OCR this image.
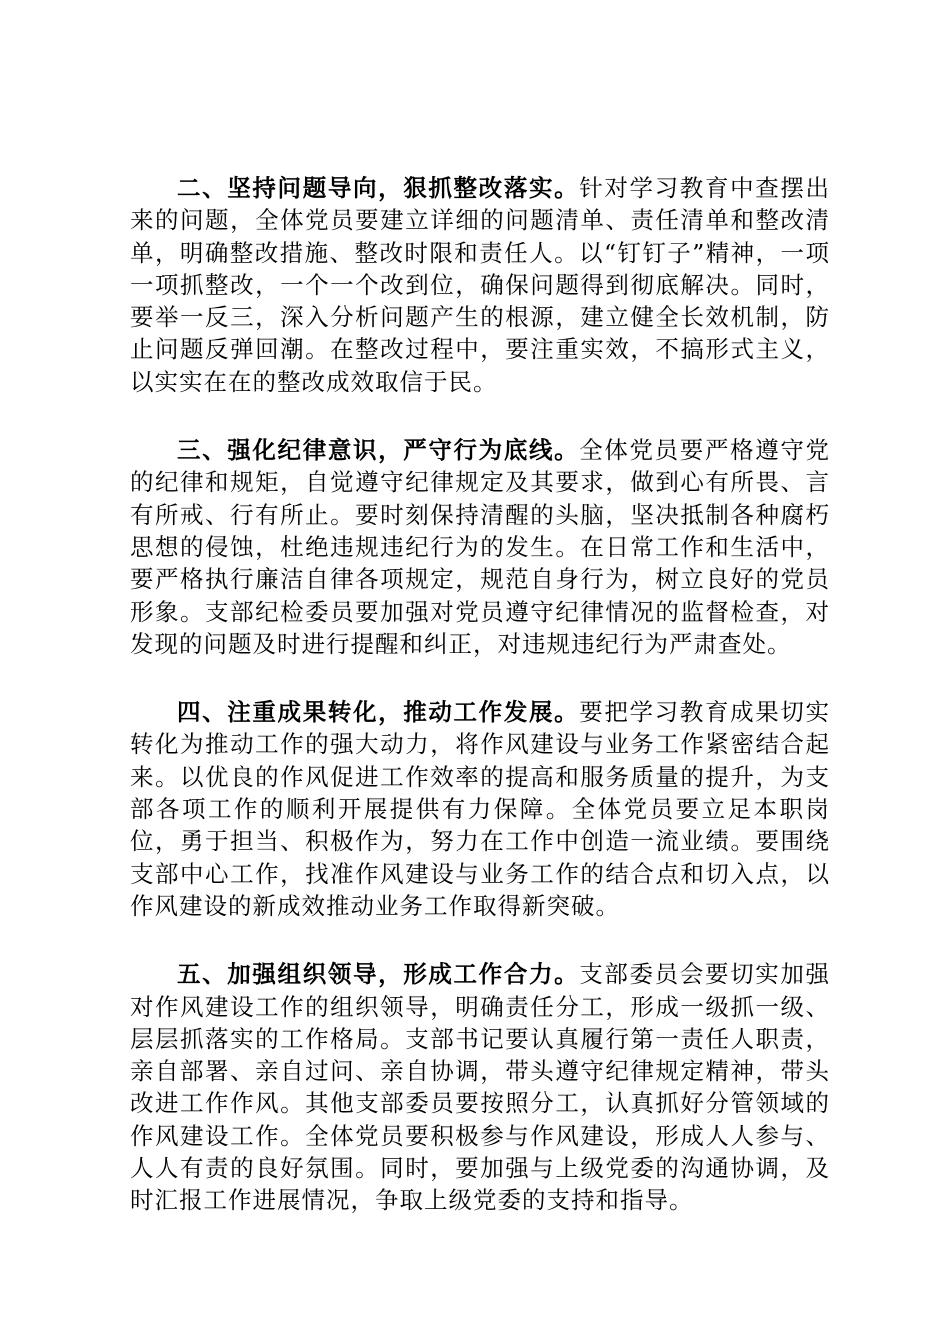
二、坚持问题导向，狠抓整改落实。针对学习教育中查摆出来的问题，全体党员要建立详细的问题清单、责任清单和整改清单，明确整改措施、整改时限和责任人。以“钉钉子”精神，一项一项抓整改，一个一个改到位，确保问题得到彻底解决。同时，要举一反三，深入分析问题产生的根源，建立健全长效机制，防止问题反弹回潮。在整改过程中，要注重实效，不搞形式主义，以实实在在的整改成效取信于民。

三、强化纪律意识，严守行为底线。全体党员要严格遵守党的纪律和规矩，自觉遵守纪律规定及其要求，做到心有所畏、言有所戒、行有所止。要时刻保持清醒的头脑，坚决抵制各种腐朽思想的侵蚀，杜绝违规违纪行为的发生。在日常工作和生活中，要严格执行廉洁自律各项规定，规范自身行为，树立良好的党员形象。支部纪检委员要加强对党员遵守纪律情况的监督检查，对发现的问题及时进行提醒和纠正，对违规违纪行为严肃查处。

四、注重成果转化，推动工作发展。要把学习教育成果切实转化为推动工作的强大动力，将作风建设与业务工作紧密结合起来。以优良的作风促进工作效率的提高和服务质量的提升，为支部各项工作的顺利开展提供有力保障。全体党员要立足本职岗位，勇于担当、积极作为，努力在工作中创造一流业绩。要围绕支部中心工作，找准作风建设与业务工作的结合点和切入点，以作风建设的新成效推动业务工作取得新突破。

五、加强组织领导，形成工作合力。支部委员会要切实加强对作风建设工作的组织领导，明确责任分工，形成一级抓一级、层层抓落实的工作格局。支部书记要认真履行第一责任人职责，亲自部署、亲自过问、亲自协调，带头遵守纪律规定精神，带头改进工作作风。其他支部委员要按照分工，认真抓好分管领域的作风建设工作。全体党员要积极参与作风建设，形成人人参与、人人有责的良好氛围。同时，要加强与上级党委的沟通协调，及时汇报工作进展情况，争取上级党委的支持和指导。
